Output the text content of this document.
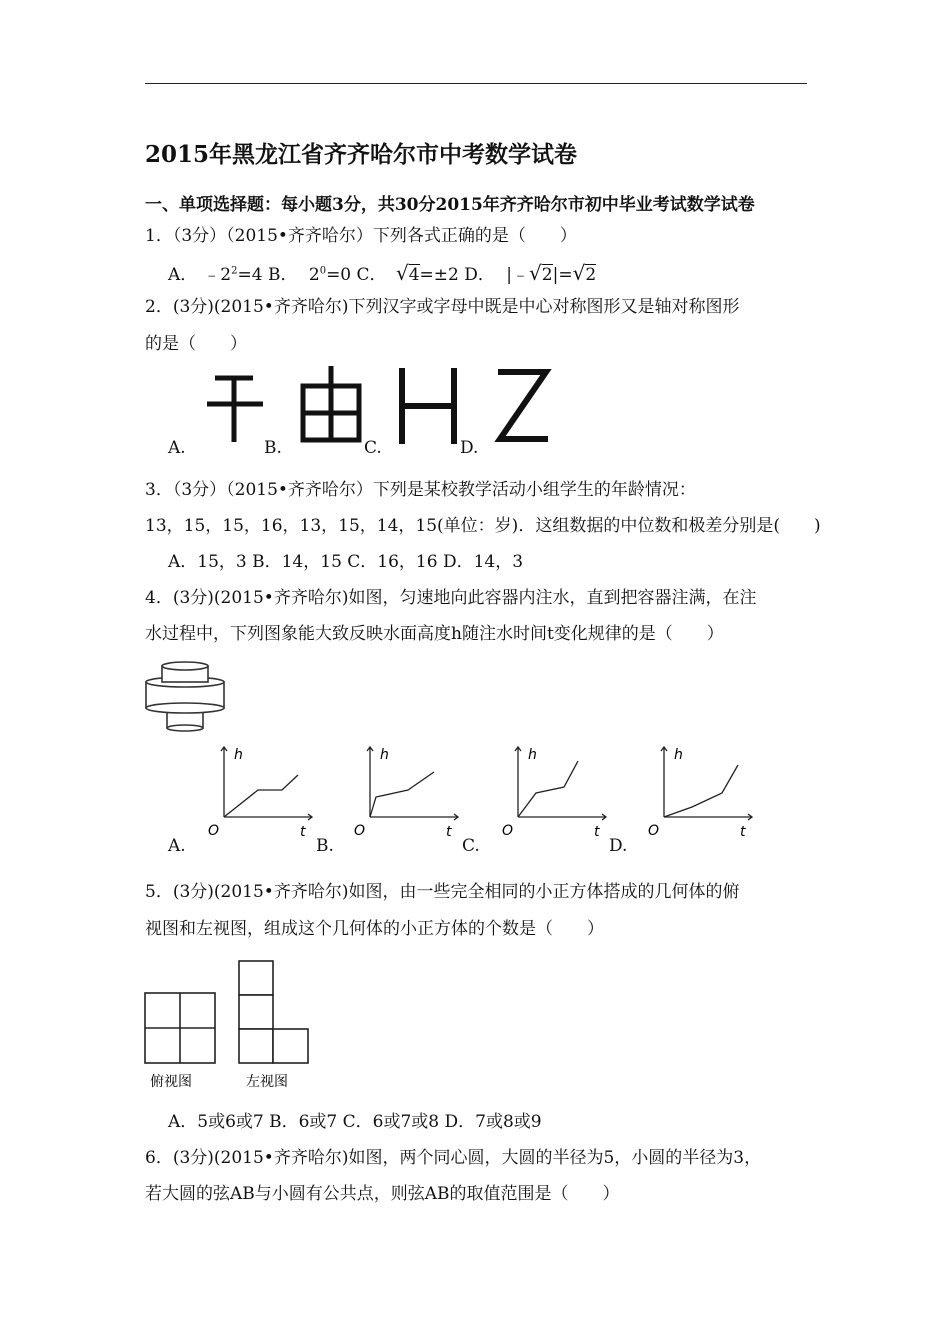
2015年黑龙江省齐齐哈尔市中考数学试卷
一、单项选择题：每小题3分，共30分2015年齐齐哈尔市初中毕业考试数学试卷
1．（3分）（2015•齐齐哈尔）下列各式正确的是（　　）
A． $﹣2^2=4$ B． $2^0=0$ C． √4=±2 D． |﹣√2|=√2
2．(3分)(2015•齐齐哈尔)下列汉字或字母中既是中心对称图形又是轴对称图形
的是（　　）
A.	B.	C.	D.
3．（3分）（2015•齐齐哈尔）下列是某校教学活动小组学生的年龄情况：
13，15，15，16，13，15，14，15(单位：岁)．这组数据的中位数和极差分别是(　　)
A．15，3 B．14，15 C．16，16 D．14，3
4．(3分)(2015•齐齐哈尔)如图，匀速地向此容器内注水，直到把容器注满，在注
水过程中，下列图象能大致反映水面高度h随注水时间t变化规律的是（　　）
A.	B.	C.	D.
h
O	t
h
O	t
h
O	t
h
O	t
5．(3分)(2015•齐齐哈尔)如图，由一些完全相同的小正方体搭成的几何体的俯
视图和左视图，组成这个几何体的小正方体的个数是（　　）
俯视图	左视图
A．5或6或7 B．6或7 C．6或7或8 D．7或8或9
6．(3分)(2015•齐齐哈尔)如图，两个同心圆，大圆的半径为5，小圆的半径为3，
若大圆的弦AB与小圆有公共点，则弦AB的取值范围是（　　）
